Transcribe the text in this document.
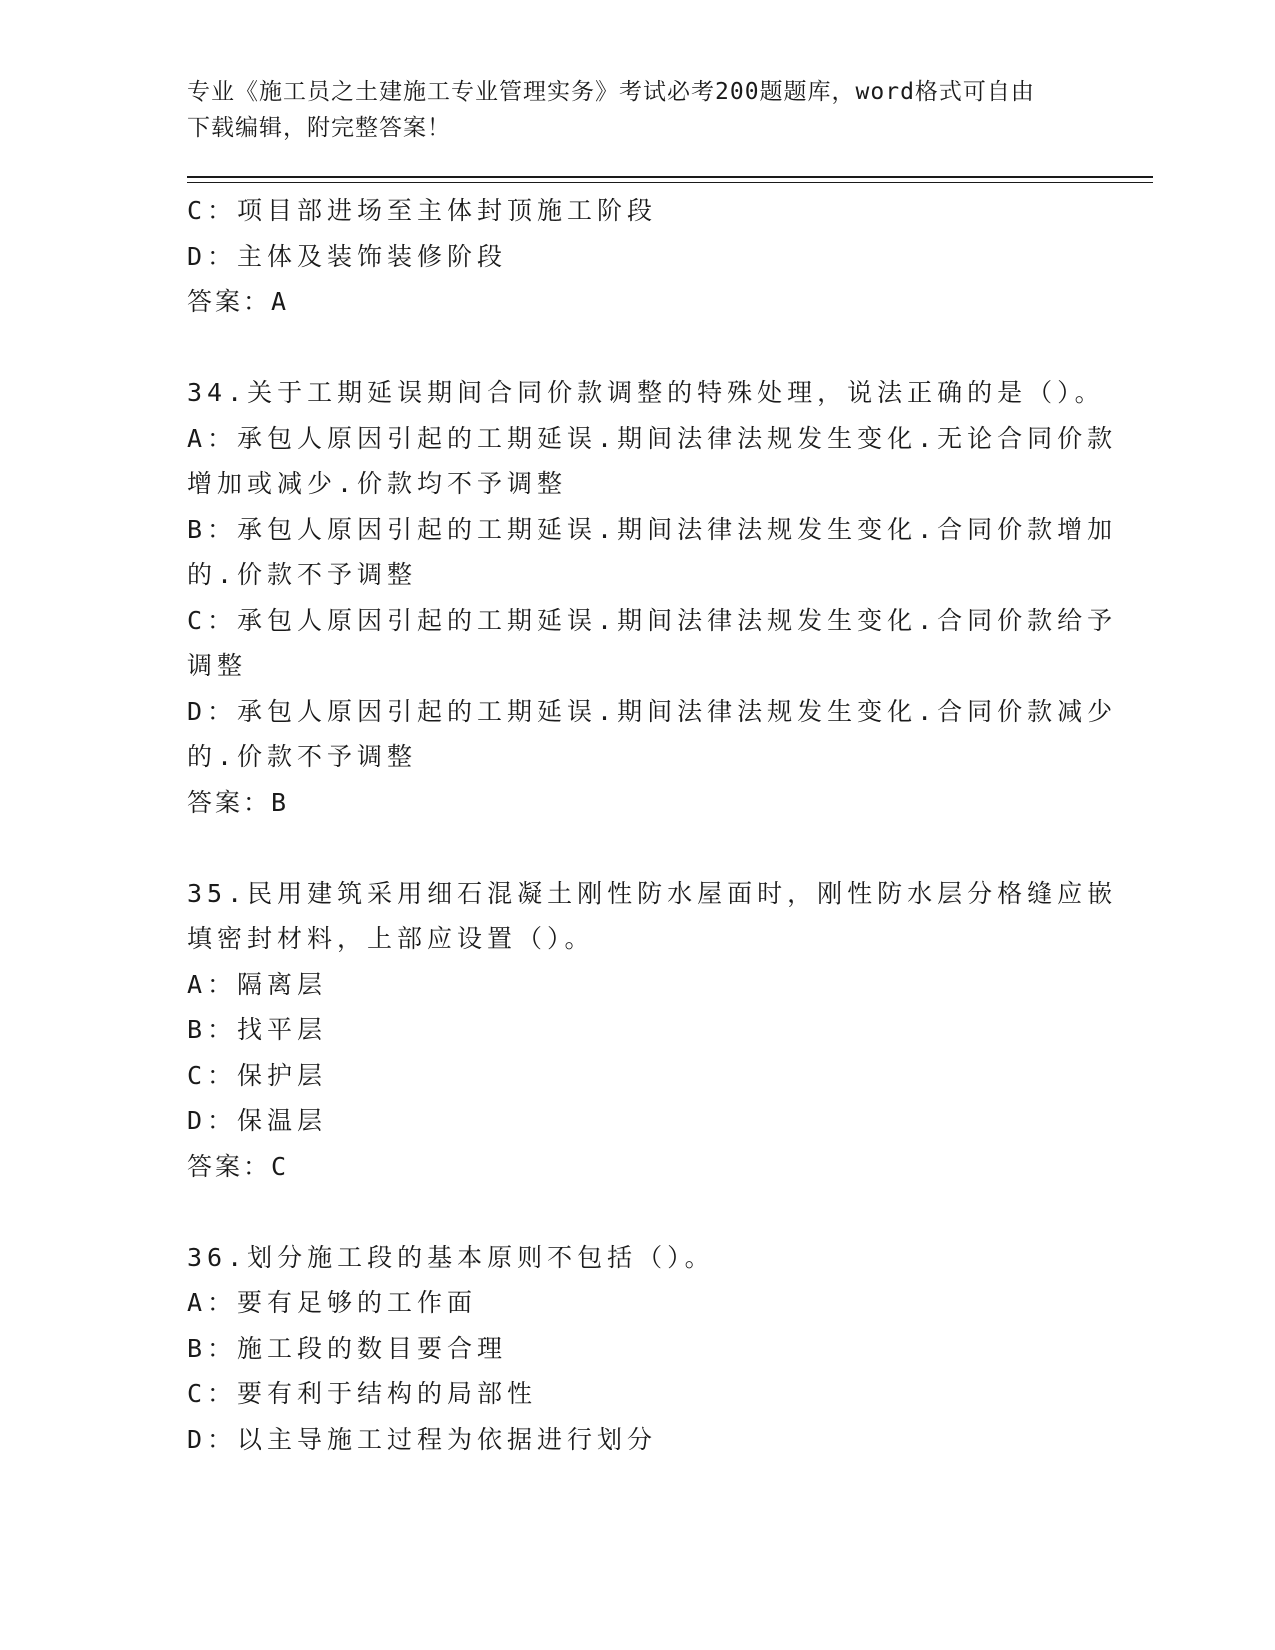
专业《施工员之土建施工专业管理实务》考试必考200题题库，word格式可自由
下载编辑，附完整答案！
C：项目部进场至主体封顶施工阶段
D：主体及装饰装修阶段
答案：A
34.关于工期延误期间合同价款调整的特殊处理，说法正确的是（）。
A：承包人原因引起的工期延误.期间法律法规发生变化.无论合同价款
增加或减少.价款均不予调整
B：承包人原因引起的工期延误.期间法律法规发生变化.合同价款增加
的.价款不予调整
C：承包人原因引起的工期延误.期间法律法规发生变化.合同价款给予
调整
D：承包人原因引起的工期延误.期间法律法规发生变化.合同价款减少
的.价款不予调整
答案：B
35.民用建筑采用细石混凝土刚性防水屋面时，刚性防水层分格缝应嵌
填密封材料，上部应设置（）。
A：隔离层
B：找平层
C：保护层
D：保温层
答案：C
36.划分施工段的基本原则不包括（）。
A：要有足够的工作面
B：施工段的数目要合理
C：要有利于结构的局部性
D：以主导施工过程为依据进行划分
